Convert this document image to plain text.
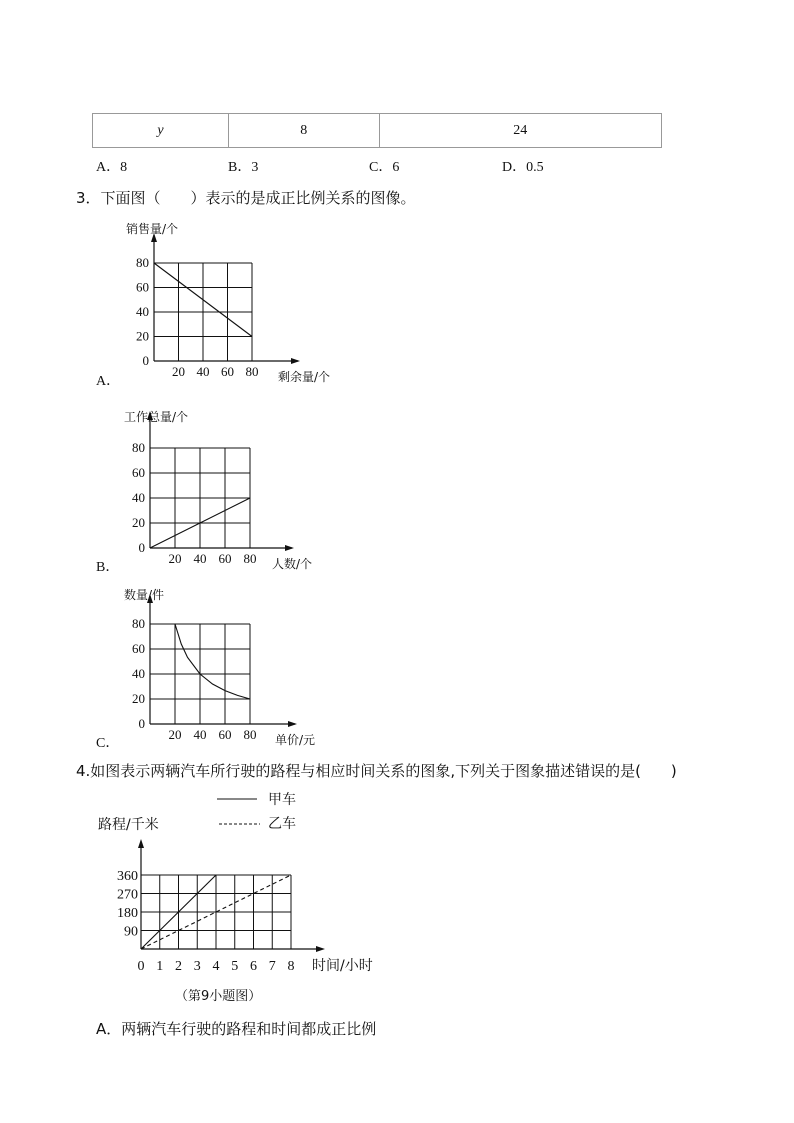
y	8	24
A．8	B．3	C．6	D．0.5
3．下面图（　　）表示的是成正比例关系的图像。
0
20
40
60
80
20 40 60 80
销售量/个
剩余量/个
A．
0
20
40
60
80
20 40 60 80
工作总量/个
人数/个
B．
0
20
40
60
80
20 40 60 80
数量/件
单价/元
C．
4.如图表示两辆汽车所行驶的路程与相应时间关系的图象,下列关于图象描述错误的是(　　)
90
180
270
360
0 1 2 3 4 5 6 7 8
路程/千米
时间/小时
（第9小题图）
甲车
乙车
A．两辆汽车行驶的路程和时间都成正比例
